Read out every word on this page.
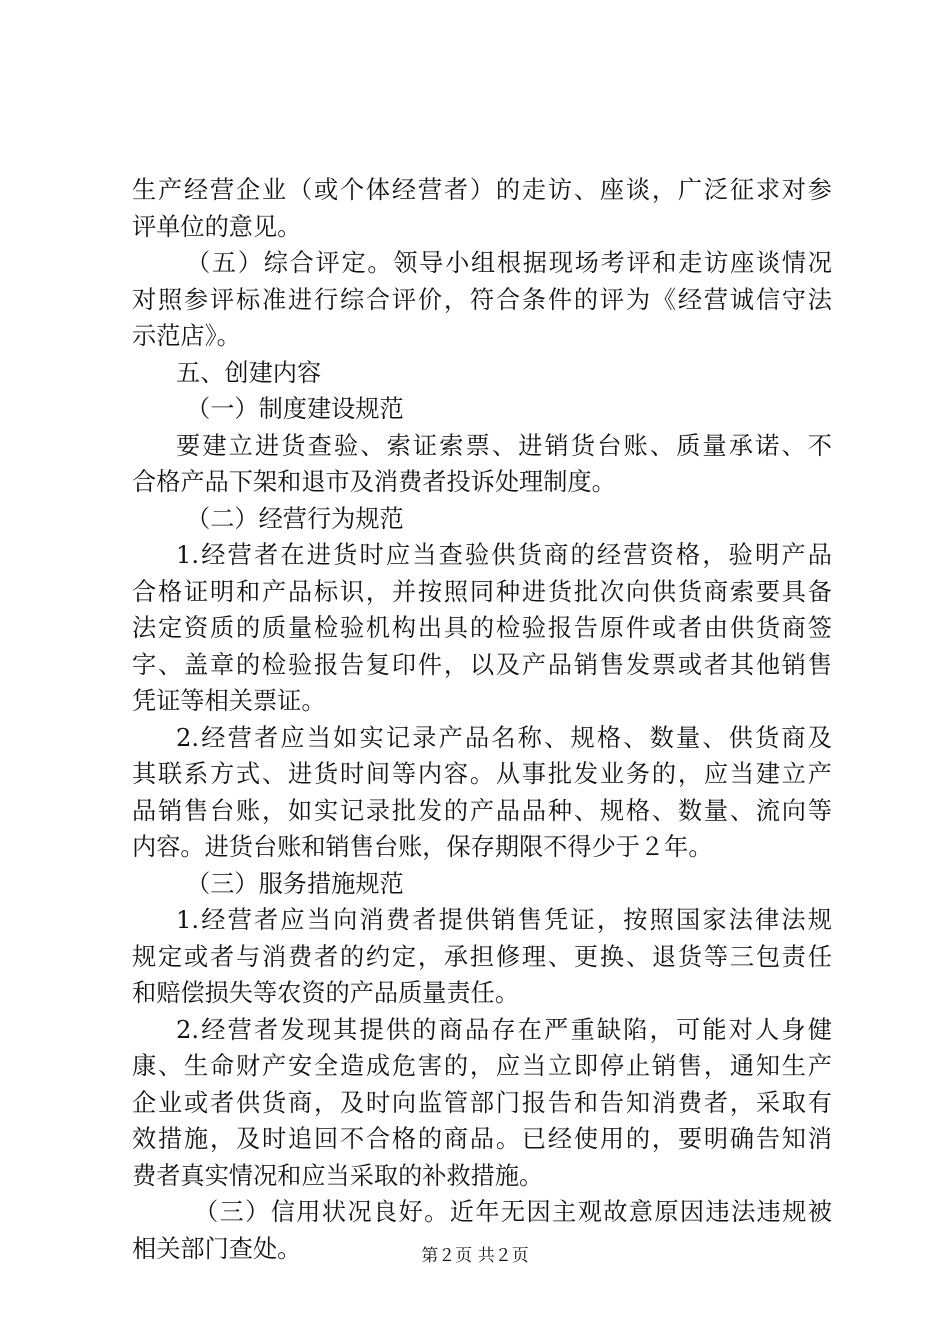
生产经营企业（或个体经营者）的走访、座谈，广泛征求对参
评单位的意见。
（五）综合评定。领导小组根据现场考评和走访座谈情况
对照参评标准进行综合评价，符合条件的评为《经营诚信守法
示范店》。
五、创建内容
（一）制度建设规范
要建立进货查验、索证索票、进销货台账、质量承诺、不
合格产品下架和退市及消费者投诉处理制度。
（二）经营行为规范
1.经营者在进货时应当查验供货商的经营资格，验明产品
合格证明和产品标识，并按照同种进货批次向供货商索要具备
法定资质的质量检验机构出具的检验报告原件或者由供货商签
字、盖章的检验报告复印件，以及产品销售发票或者其他销售
凭证等相关票证。
2.经营者应当如实记录产品名称、规格、数量、供货商及
其联系方式、进货时间等内容。从事批发业务的，应当建立产
品销售台账，如实记录批发的产品品种、规格、数量、流向等
内容。进货台账和销售台账，保存期限不得少于２年。
（三）服务措施规范
1.经营者应当向消费者提供销售凭证，按照国家法律法规
规定或者与消费者的约定，承担修理、更换、退货等三包责任
和赔偿损失等农资的产品质量责任。
2.经营者发现其提供的商品存在严重缺陷，可能对人身健
康、生命财产安全造成危害的，应当立即停止销售，通知生产
企业或者供货商，及时向监管部门报告和告知消费者，采取有
效措施，及时追回不合格的商品。已经使用的，要明确告知消
费者真实情况和应当采取的补救措施。
（三）信用状况良好。近年无因主观故意原因违法违规被
相关部门查处。	第２页 共２页
